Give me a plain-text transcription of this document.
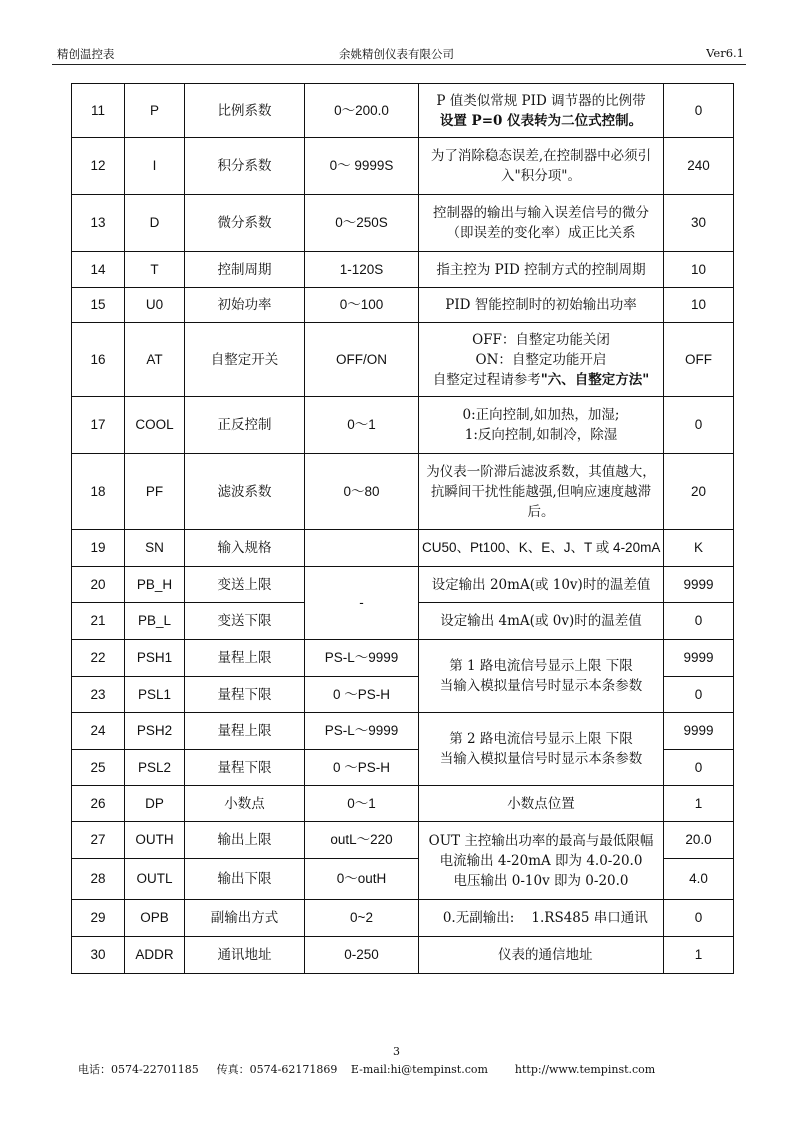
精创温控表	余姚精创仪表有限公司	Ver6.1
11	P	比例系数	0～200.0	P 值类似常规 PID 调节器的比例带
设置 P=0 仪表转为二位式控制。	0
12	I	积分系数	0～ 9999S	为了消除稳态误差,在控制器中必须引
入"积分项"。	240
13	D	微分系数	0～250S	控制器的输出与输入误差信号的微分
（即误差的变化率）成正比关系	30
14	T	控制周期	1-120S	指主控为 PID 控制方式的控制周期	10
15	U0	初始功率	0～100	PID 智能控制时的初始输出功率	10
16	AT	自整定开关	OFF/ON	OFF：自整定功能关闭
ON：自整定功能开启
自整定过程请参考"六、自整定方法"	OFF
17	COOL	正反控制	0～1	0:正向控制,如加热，加湿;
1:反向控制,如制冷，除湿	0
18	PF	滤波系数	0～80	为仪表一阶滞后滤波系数，其值越大，
抗瞬间干扰性能越强,但响应速度越滞
后。	20
19	SN	输入规格		CU50、Pt100、K、E、J、T 或 4-20mA	K
20	PB_H	变送上限	-	设定输出 20mA(或 10v)时的温差值	9999
21	PB_L	变送下限		设定输出 4mA(或 0v)时的温差值	0
22	PSH1	量程上限	PS-L～9999	第 1 路电流信号显示上限 下限
当输入模拟量信号时显示本条参数	9999
23	PSL1	量程下限	0 ～PS-H		0
24	PSH2	量程上限	PS-L～9999	第 2 路电流信号显示上限 下限
当输入模拟量信号时显示本条参数	9999
25	PSL2	量程下限	0 ～PS-H		0
26	DP	小数点	0～1	小数点位置	1
27	OUTH	输出上限	outL～220	OUT 主控输出功率的最高与最低限幅
电流输出 4-20mA 即为 4.0-20.0
电压输出 0-10v 即为 0-20.0	20.0
28	OUTL	输出下限	0～outH		4.0
29	OPB	副输出方式	0~2	0.无副输出:    1.RS485 串口通讯	0
30	ADDR	通讯地址	0-250	仪表的通信地址	1
3
电话：0574-22701185    传真：0574-62171869   E-mail:hi@tempinst.com      http://www.tempinst.com
